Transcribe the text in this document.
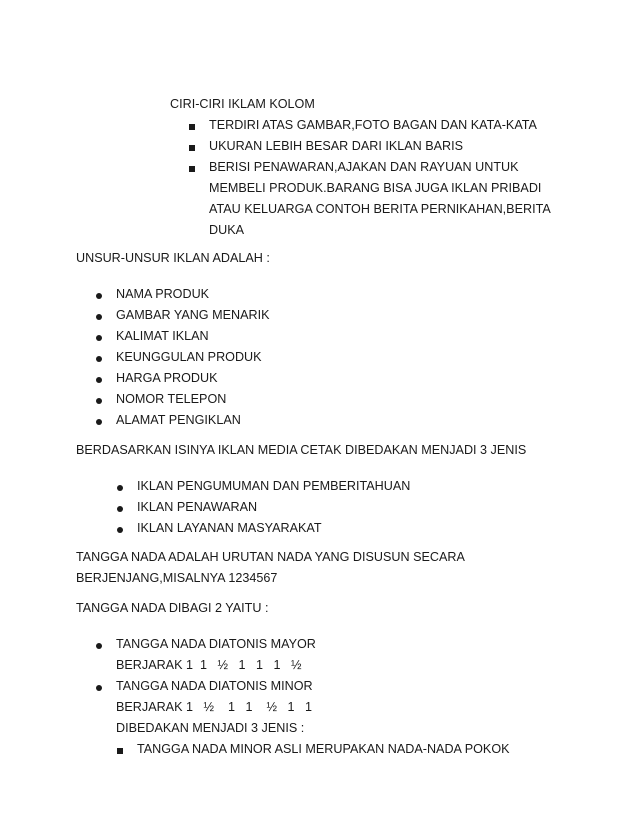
CIRI-CIRI IKLAM KOLOM
TERDIRI ATAS GAMBAR,FOTO BAGAN DAN KATA-KATA
UKURAN LEBIH BESAR DARI IKLAN BARIS
BERISI PENAWARAN,AJAKAN DAN RAYUAN UNTUK
MEMBELI PRODUK.BARANG BISA JUGA IKLAN PRIBADI
ATAU KELUARGA CONTOH BERITA PERNIKAHAN,BERITA
DUKA
UNSUR-UNSUR IKLAN ADALAH :
NAMA PRODUK
GAMBAR YANG MENARIK
KALIMAT IKLAN
KEUNGGULAN PRODUK
HARGA PRODUK
NOMOR TELEPON
ALAMAT PENGIKLAN
BERDASARKAN ISINYA IKLAN MEDIA CETAK DIBEDAKAN MENJADI 3 JENIS
IKLAN PENGUMUMAN DAN PEMBERITAHUAN
IKLAN PENAWARAN
IKLAN LAYANAN MASYARAKAT
TANGGA NADA ADALAH URUTAN NADA YANG DISUSUN SECARA
BERJENJANG,MISALNYA 1234567
TANGGA NADA DIBAGI 2 YAITU :
TANGGA NADA DIATONIS MAYOR
BERJARAK 1  1   ½   1   1   1   ½
TANGGA NADA DIATONIS MINOR
BERJARAK 1   ½    1   1    ½   1   1
DIBEDAKAN MENJADI 3 JENIS :
TANGGA NADA MINOR ASLI MERUPAKAN NADA-NADA POKOK
